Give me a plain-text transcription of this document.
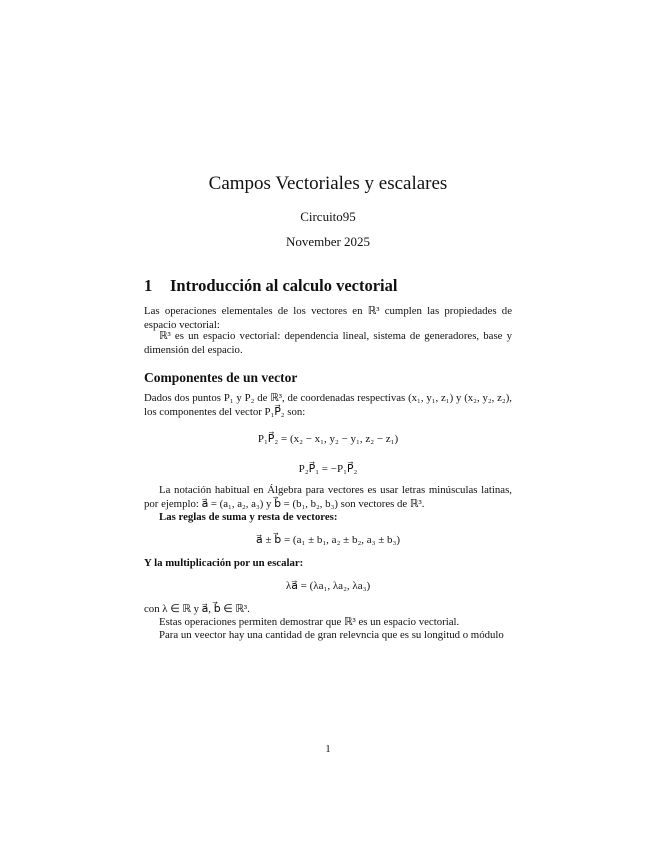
Campos Vectoriales y escalares
Circuito95
November 2025
1 Introducción al calculo vectorial
Las operaciones elementales de los vectores en ℝ³ cumplen las propiedades de espacio vectorial:
ℝ³ es un espacio vectorial: dependencia lineal, sistema de generadores, base y dimensión del espacio.
Componentes de un vector
Dados dos puntos P₁ y P₂ de ℝ³, de coordenadas respectivas (x₁, y₁, z₁) y (x₂, y₂, z₂), los componentes del vector P₁P⃗₂ son:
P₁P⃗₂ = (x₂ − x₁, y₂ − y₁, z₂ − z₁)
P₂P⃗₁ = −P₁P⃗₂
La notación habitual en Álgebra para vectores es usar letras minúsculas latinas, por ejemplo: a⃗ = (a₁, a₂, a₃) y b⃗ = (b₁, b₂, b₃) son vectores de ℝ³.
Las reglas de suma y resta de vectores:
a⃗ ± b⃗ = (a₁ ± b₁, a₂ ± b₂, a₃ ± b₃)
Y la multiplicación por un escalar:
λa⃗ = (λa₁, λa₂, λa₃)
con λ ∈ ℝ y a⃗, b⃗ ∈ ℝ³.
Estas operaciones permiten demostrar que ℝ³ es un espacio vectorial.
Para un veector hay una cantidad de gran relevncia que es su longitud o módulo
1
